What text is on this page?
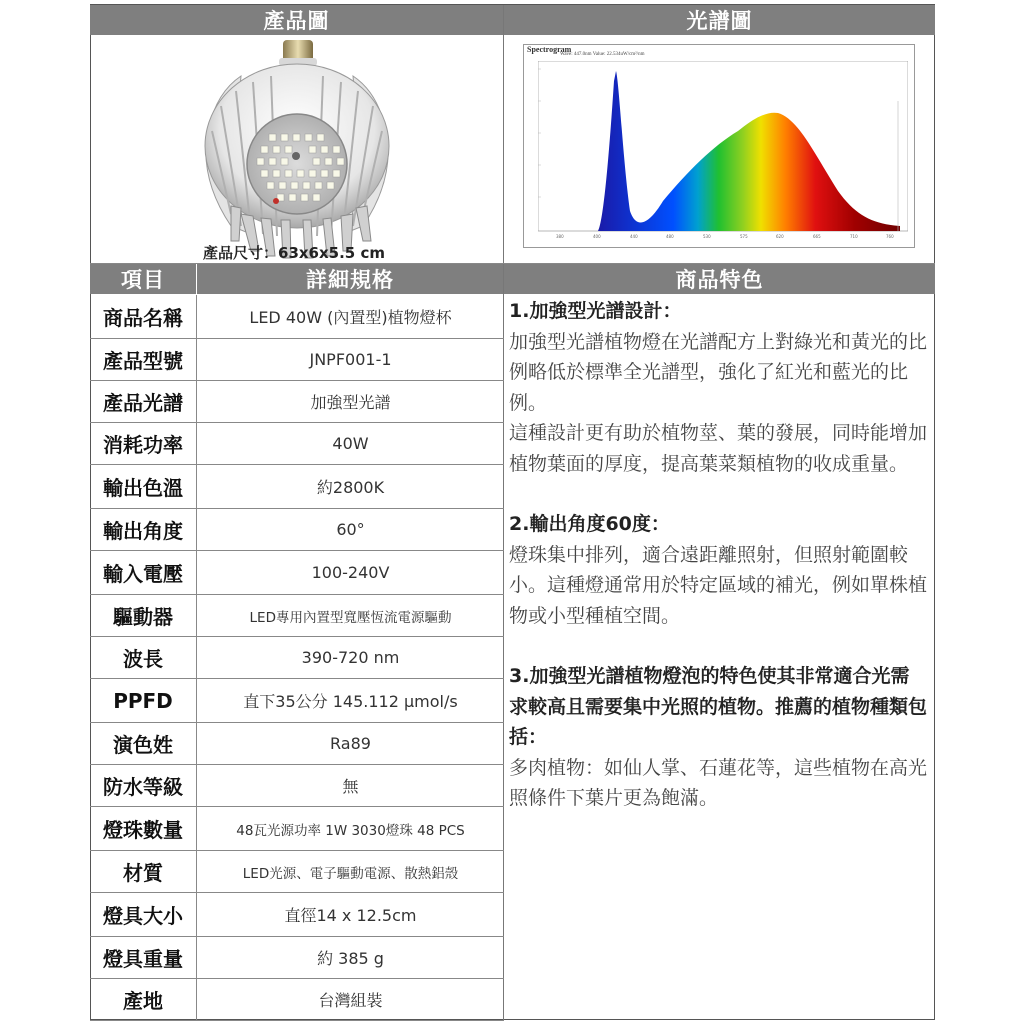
產品圖	光譜圖
產品尺寸：63x6x5.5 cm
Spectrogram
Wave: 447.0nm Value: 22.534uW/cm²/nm
380	400	440	480	530	575	620	665	710	760
項目	詳細規格	商品特色
商品名稱	LED 40W (內置型)植物燈杯
產品型號	JNPF001-1
產品光譜	加強型光譜
消耗功率	40W
輸出色溫	約2800K
輸出角度	60°
輸入電壓	100-240V
驅動器	LED專用內置型寬壓恆流電源驅動
波長	390-720 nm
PPFD	直下35公分 145.112 µmol/s
演色姓	Ra89
防水等級	無
燈珠數量	48瓦光源功率 1W 3030燈珠 48 PCS
材質	LED光源、電子驅動電源、散熱鋁殼
燈具大小	直徑14 x 12.5cm
燈具重量	約 385 g
產地	台灣組裝

1.加強型光譜設計：

加強型光譜植物燈在光譜配方上對綠光和黃光的比例略低於標準全光譜型，強化了紅光和藍光的比例。

這種設計更有助於植物莖、葉的發展，同時能增加植物葉面的厚度，提高葉菜類植物的收成重量。

2.輸出角度60度：

燈珠集中排列，適合遠距離照射，但照射範圍較小。這種燈通常用於特定區域的補光，例如單株植物或小型種植空間。

3.加強型光譜植物燈泡的特色使其非常適合光需求較高且需要集中光照的植物。推薦的植物種類包括：

多肉植物：如仙人掌、石蓮花等，這些植物在高光照條件下葉片更為飽滿。
